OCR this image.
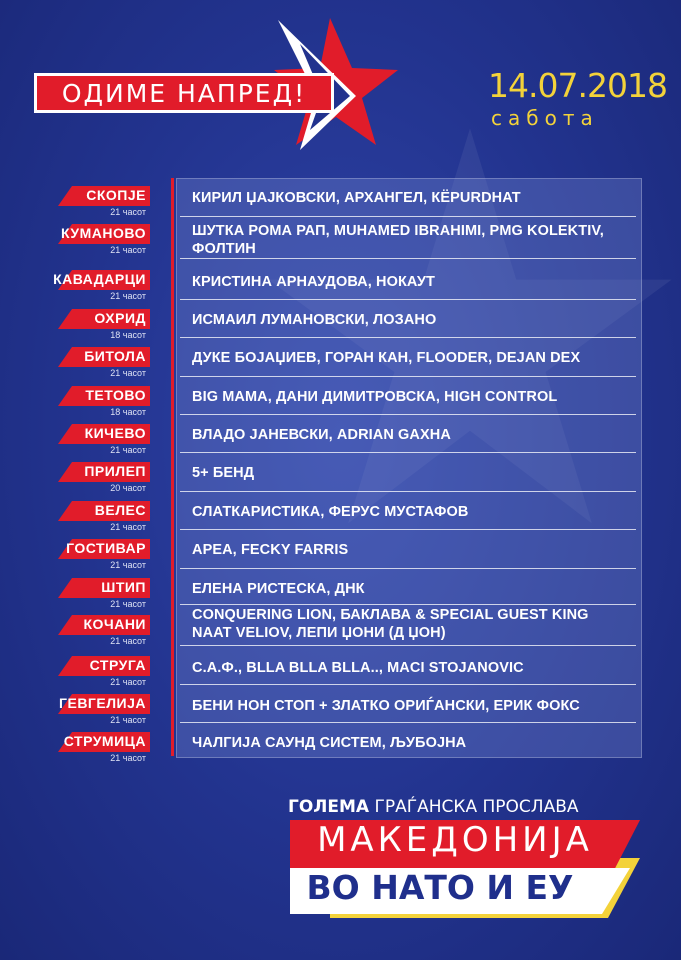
ОДИМЕ НАПРЕД!	14.07.2018
сабота
СКОПЈЕ
21 часот
КИРИЛ ЏАЈКОВСКИ, АРХАНГЕЛ, КЁРURDHAT
КУМАНОВО
21 часот
ШУТКА РОМА РАП, MUHAMED IBRAHIMI, PMG KOLEKTIV, ФОЛТИН
КАВАДАРЦИ
21 часот
КРИСТИНА АРНАУДОВА, НОКАУТ
ОХРИД
18 часот
ИСМАИЛ ЛУМАНОВСКИ, ЛОЗАНО
БИТОЛА
21 часот
ДУКЕ БОЈАЏИЕВ, ГОРАН КАН, FLOODER, DEJAN DEX
ТЕТОВО
18 часот
BIG MAMA, ДАНИ ДИМИТРОВСКА, HIGH CONTROL
КИЧЕВО
21 часот
ВЛАДО ЈАНЕВСКИ, ADRIAN GAXHA
ПРИЛЕП
20 часот
5+ БЕНД
ВЕЛЕС
21 часот
СЛАТКАРИСТИКА, ФЕРУС МУСТАФОВ
ГОСТИВАР
21 часот
АРЕА, FECKY FARRIS
ШТИП
21 часот
ЕЛЕНА РИСТЕСКА, ДНК
КОЧАНИ
21 часот
CONQUERING LION, БАКЛАВА & SPECIAL GUEST KING NAAT VELIOV, ЛЕПИ ЏОНИ (Д ЏОН)
СТРУГА
21 часот
С.А.Ф., BLLA BLLA BLLA.., MACI STOJANOVIC
ГЕВГЕЛИЈА
21 часот
БЕНИ НОН СТОП + ЗЛАТКО ОРИЃАНСКИ, ЕРИК ФОКС
СТРУМИЦА
21 часот
ЧАЛГИЈА САУНД СИСТЕМ, ЉУБОЈНА
ГОЛЕМА ГРАЃАНСКА ПРОСЛАВА
МАКЕДОНИЈА
ВО НАТО И ЕУ
